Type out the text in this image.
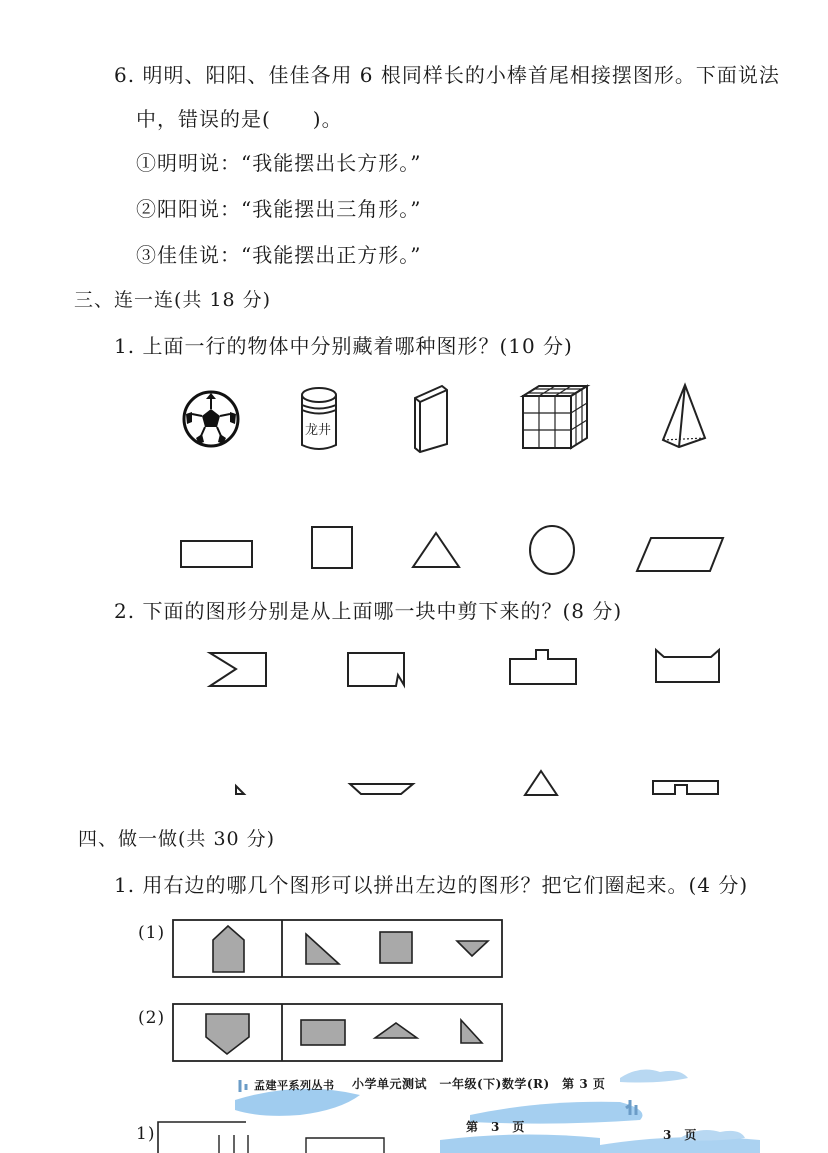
6. 明明、阳阳、佳佳各用 6 根同样长的小棒首尾相接摆图形。下面说法
中，错误的是(　　)。
①明明说：“我能摆出长方形。”
②阳阳说：“我能摆出三角形。”
③佳佳说：“我能摆出正方形。”
三、连一连(共 18 分)
1. 上面一行的物体中分别藏着哪种图形？(10 分)
龙井
2. 下面的图形分别是从上面哪一块中剪下来的？(8 分)
四、做一做(共 30 分)
1. 用右边的哪几个图形可以拼出左边的图形？把它们圈起来。(4 分)
(1)
(2)
孟建平系列丛书 小学单元测试　一年级(下)数学(R)　第 3 页
第　3　页
3　页
1)
